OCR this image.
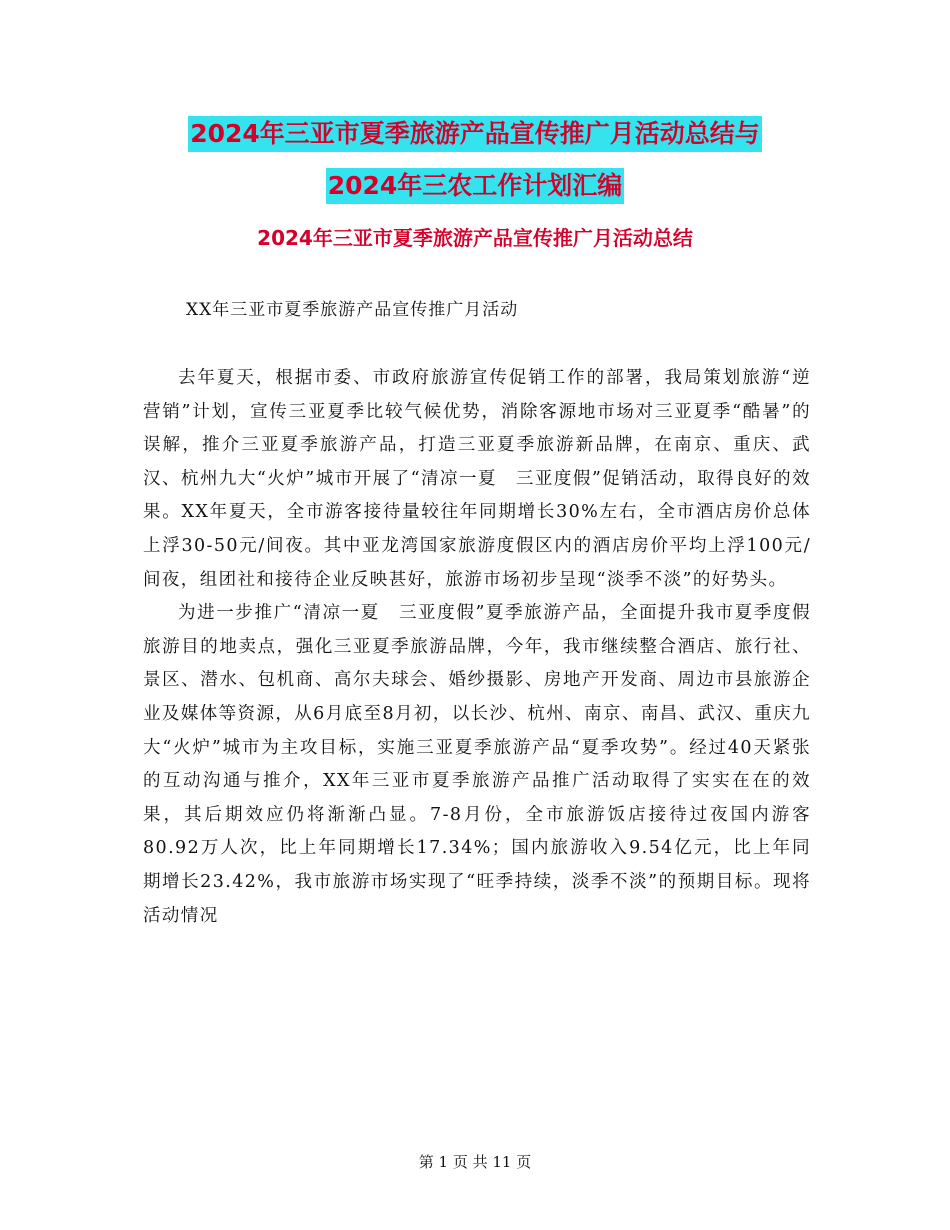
2024年三亚市夏季旅游产品宣传推广月活动总结与
2024年三农工作计划汇编
2024年三亚市夏季旅游产品宣传推广月活动总结
XX年三亚市夏季旅游产品宣传推广月活动

去年夏天，根据市委、市政府旅游宣传促销工作的部署，我局策划旅游“逆营销”计划，宣传三亚夏季比较气候优势，消除客源地市场对三亚夏季“酷暑”的误解，推介三亚夏季旅游产品，打造三亚夏季旅游新品牌，在南京、重庆、武汉、杭州九大“火炉”城市开展了“清凉一夏　三亚度假”促销活动，取得良好的效果。XX年夏天，全市游客接待量较往年同期增长30%左右，全市酒店房价总体上浮30-50元/间夜。其中亚龙湾国家旅游度假区内的酒店房价平均上浮100元/间夜，组团社和接待企业反映甚好，旅游市场初步呈现“淡季不淡”的好势头。

为进一步推广“清凉一夏　三亚度假”夏季旅游产品，全面提升我市夏季度假旅游目的地卖点，强化三亚夏季旅游品牌，今年，我市继续整合酒店、旅行社、景区、潜水、包机商、高尔夫球会、婚纱摄影、房地产开发商、周边市县旅游企业及媒体等资源，从6月底至8月初，以长沙、杭州、南京、南昌、武汉、重庆九大“火炉”城市为主攻目标，实施三亚夏季旅游产品“夏季攻势”。经过40天紧张的互动沟通与推介，XX年三亚市夏季旅游产品推广活动取得了实实在在的效果，其后期效应仍将渐渐凸显。7-8月份，全市旅游饭店接待过夜国内游客80.92万人次，比上年同期增长17.34%；国内旅游收入9.54亿元，比上年同期增长23.42%，我市旅游市场实现了“旺季持续，淡季不淡”的预期目标。现将活动情况

第 1 页 共 11 页
